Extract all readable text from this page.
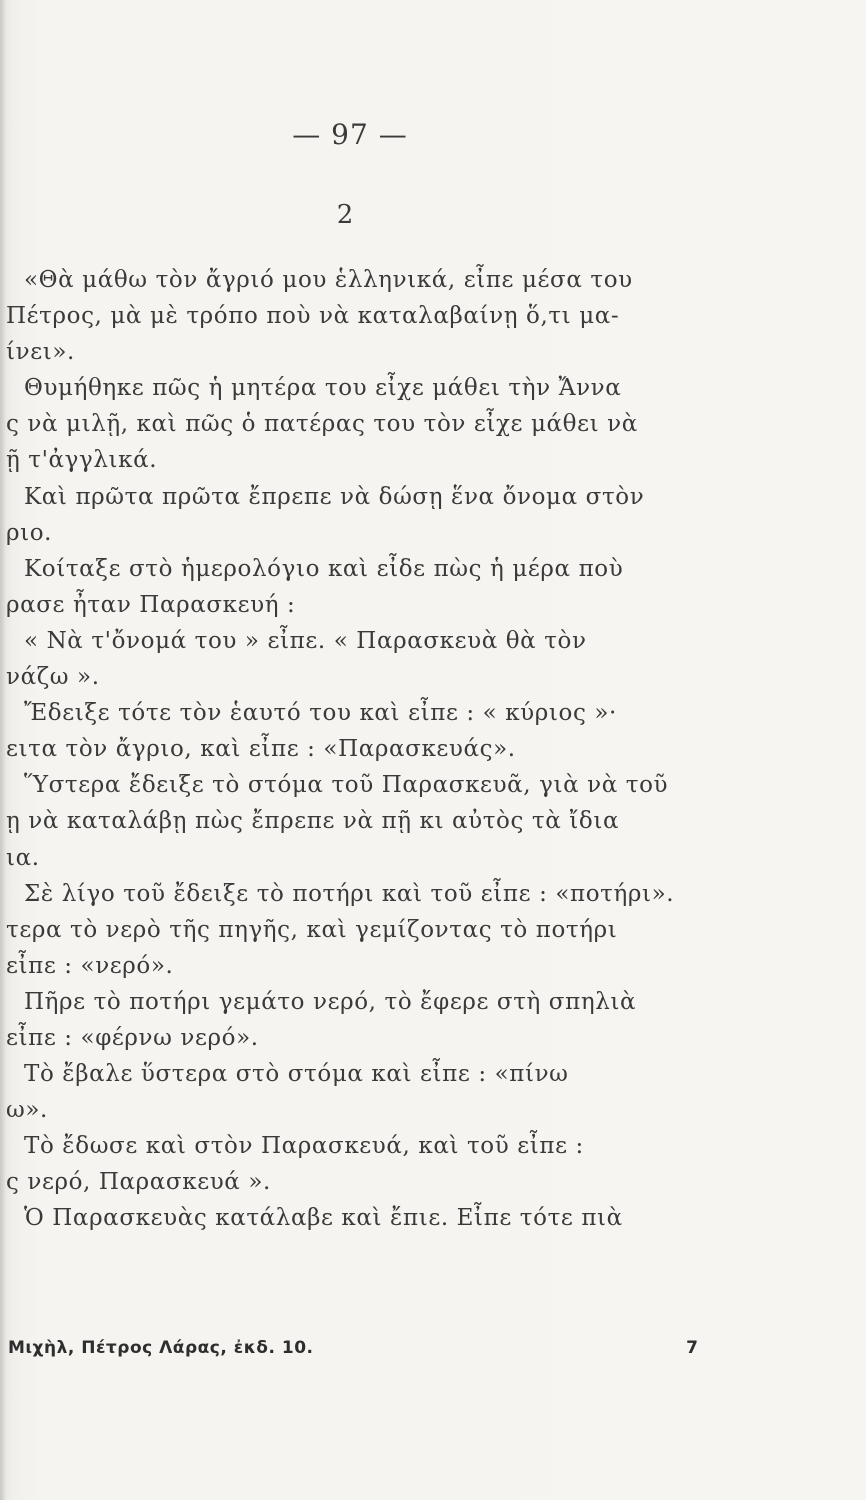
— 97 —
2
«Θὰ μάθω τὸν ἄγριό μου ἑλληνικά, εἶπε μέσα του
Πέτρος, μὰ μὲ τρόπο ποὺ νὰ καταλαβαίνῃ ὅ,τι μα-
ίνει».
Θυμήθηκε πῶς ἡ μητέρα του εἶχε μάθει τὴν Ἄννα
ς νὰ μιλῇ, καὶ πῶς ὁ πατέρας του τὸν εἶχε μάθει νὰ
ῇ τ'ἀγγλικά.
Καὶ πρῶτα πρῶτα ἔπρεπε νὰ δώσῃ ἕνα ὄνομα στὸν
ριο.
Κοίταξε στὸ ἡμερολόγιο καὶ εἶδε πὼς ἡ μέρα ποὺ
ρασε ἦταν Παρασκευή :
« Νὰ τ'ὄνομά του » εἶπε. « Παρασκευὰ θὰ τὸν
νάζω ».
Ἔδειξε τότε τὸν ἑαυτό του καὶ εἶπε : « κύριος »·
ειτα τὸν ἄγριο, καὶ εἶπε : «Παρασκευάς».
Ὕστερα ἔδειξε τὸ στόμα τοῦ Παρασκευᾶ, γιὰ νὰ τοῦ
ῃ νὰ καταλάβῃ πὼς ἔπρεπε νὰ πῇ κι αὐτὸς τὰ ἴδια
ια.
Σὲ λίγο τοῦ ἔδειξε τὸ ποτήρι καὶ τοῦ εἶπε : «ποτήρι».
τερα τὸ νερὸ τῆς πηγῆς, καὶ γεμίζοντας τὸ ποτήρι
εἶπε : «νερό».
Πῆρε τὸ ποτήρι γεμάτο νερό, τὸ ἔφερε στὴ σπηλιὰ
εἶπε : «φέρνω νερό».
Τὸ ἔβαλε ὕστερα στὸ στόμα καὶ εἶπε : «πίνω
ω».
Τὸ ἔδωσε καὶ στὸν Παρασκευά, καὶ τοῦ εἶπε :
ς νερό, Παρασκευά ».
Ὁ Παρασκευὰς κατάλαβε καὶ ἔπιε. Εἶπε τότε πιὰ
Μιχὴλ, Πέτρος Λάρας, ἐκδ. 10.	7
